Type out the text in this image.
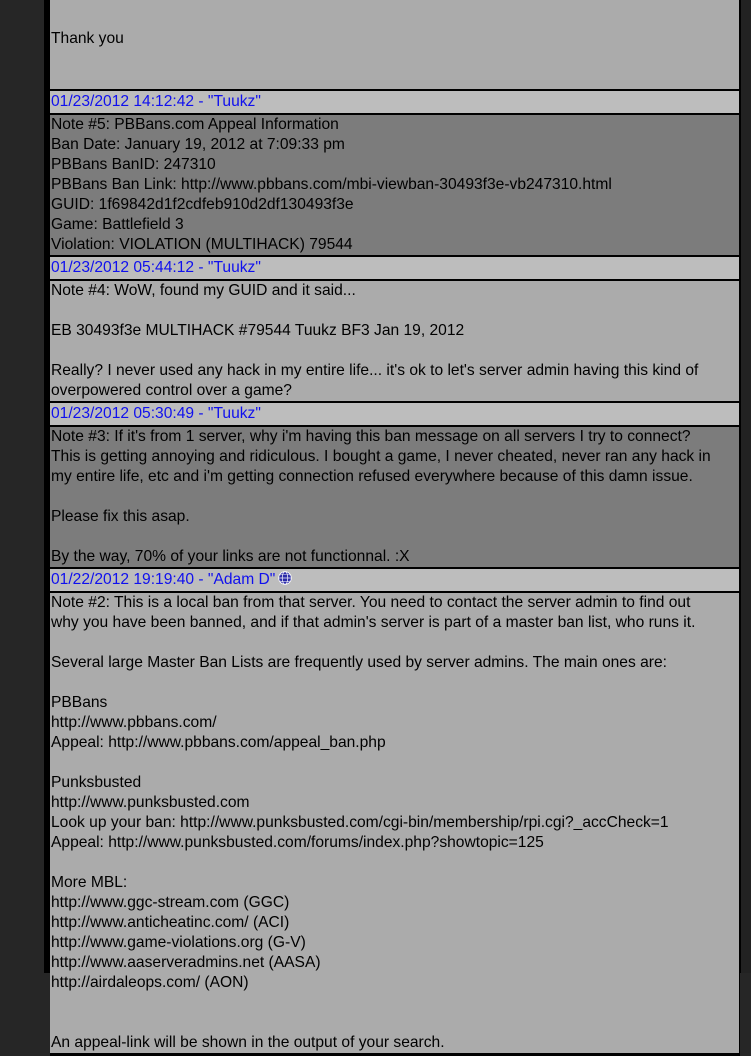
Thank you

01/23/2012 14:12:42 - "Tuukz"
Note #5: PBBans.com Appeal Information
Ban Date: January 19, 2012 at 7:09:33 pm
PBBans BanID: 247310
PBBans Ban Link: http://www.pbbans.com/mbi-viewban-30493f3e-vb247310.html
GUID: 1f69842d1f2cdfeb910d2df130493f3e
Game: Battlefield 3
Violation: VIOLATION (MULTIHACK) 79544
01/23/2012 05:44:12 - "Tuukz"
Note #4: WoW, found my GUID and it said...
EB 30493f3e MULTIHACK #79544 Tuukz BF3 Jan 19, 2012
Really? I never used any hack in my entire life... it's ok to let's server admin having this kind of
overpowered control over a game?
01/23/2012 05:30:49 - "Tuukz"
Note #3: If it's from 1 server, why i'm having this ban message on all servers I try to connect?
This is getting annoying and ridiculous. I bought a game, I never cheated, never ran any hack in
my entire life, etc and i'm getting connection refused everywhere because of this damn issue.
Please fix this asap.
By the way, 70% of your links are not functionnal. :X
01/22/2012 19:19:40 - "Adam D"
Note #2: This is a local ban from that server. You need to contact the server admin to find out
why you have been banned, and if that admin's server is part of a master ban list, who runs it.
Several large Master Ban Lists are frequently used by server admins. The main ones are:
PBBans
http://www.pbbans.com/
Appeal: http://www.pbbans.com/appeal_ban.php
Punksbusted
http://www.punksbusted.com
Look up your ban: http://www.punksbusted.com/cgi-bin/membership/rpi.cgi?_accCheck=1
Appeal: http://www.punksbusted.com/forums/index.php?showtopic=125
More MBL:
http://www.ggc-stream.com (GGC)
http://www.anticheatinc.com/ (ACI)
http://www.game-violations.org (G-V)
http://www.aaserveradmins.net (AASA)
http://airdaleops.com/ (AON)
An appeal-link will be shown in the output of your search.
